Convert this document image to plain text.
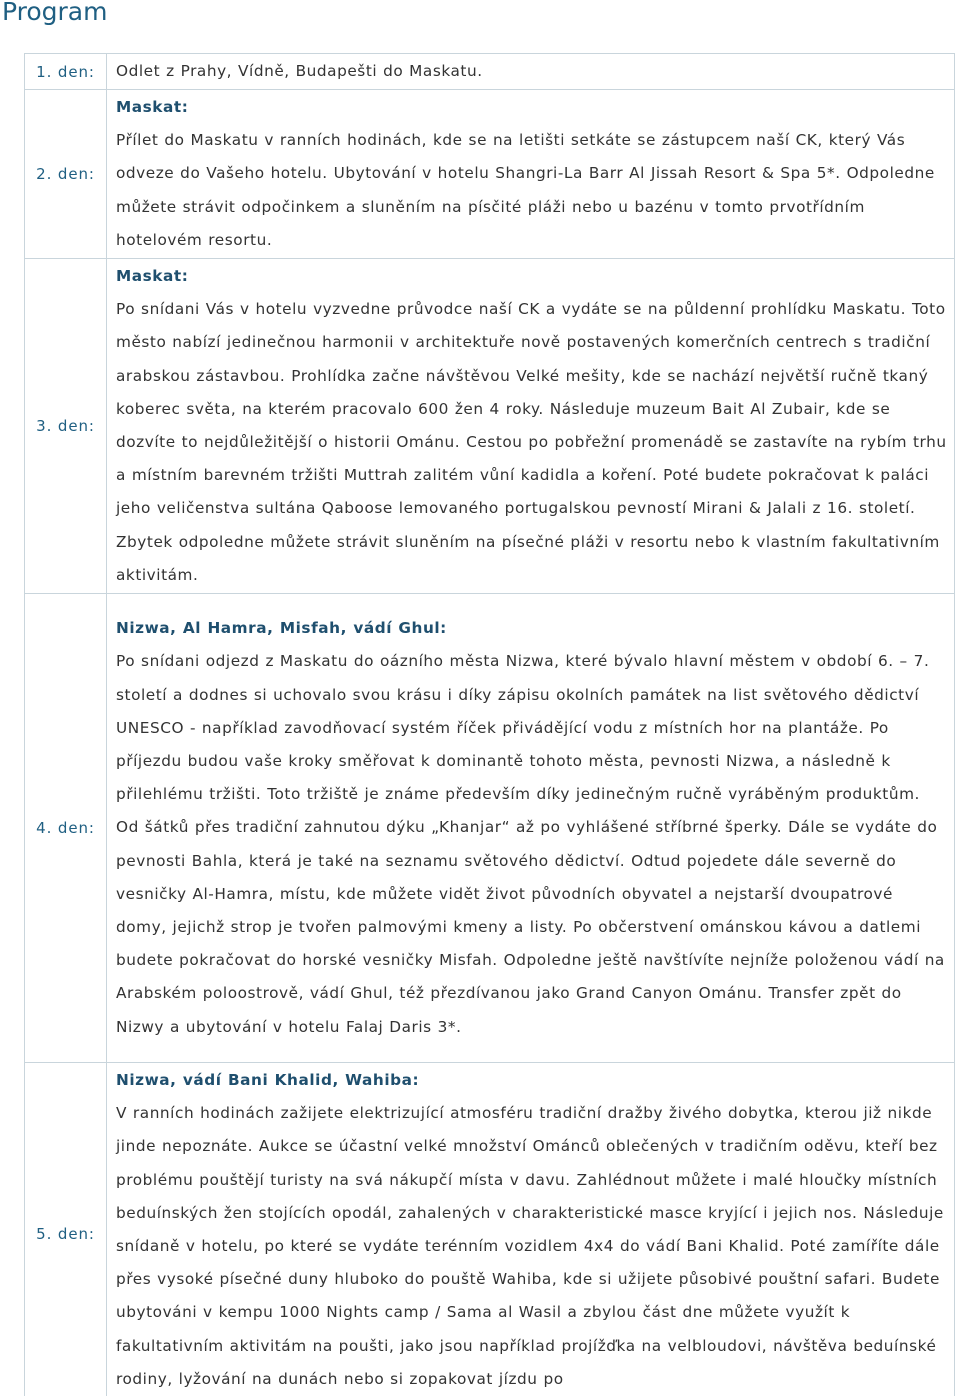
Program
1. den:	Odlet z Prahy, Vídně, Budapešti do Maskatu.

2. den:	Maskat:
Přílet do Maskatu v ranních hodinách, kde se na letišti setkáte se zástupcem naší CK, který Vás odveze do Vašeho hotelu. Ubytování v hotelu Shangri-La Barr Al Jissah Resort & Spa 5*. Odpoledne můžete strávit odpočinkem a sluněním na písčité pláži nebo u bazénu v tomto prvotřídním hotelovém resortu.

3. den:	Maskat:
Po snídani Vás v hotelu vyzvedne průvodce naší CK a vydáte se na půldenní prohlídku Maskatu. Toto město nabízí jedinečnou harmonii v architektuře nově postavených komerčních centrech s tradiční arabskou zástavbou. Prohlídka začne návštěvou Velké mešity, kde se nachází největší ručně tkaný koberec světa, na kterém pracovalo 600 žen 4 roky. Následuje muzeum Bait Al Zubair, kde se dozvíte to nejdůležitější o historii Ománu. Cestou po pobřežní promenádě se zastavíte na rybím trhu a místním barevném tržišti Muttrah zalitém vůní kadidla a koření. Poté budete pokračovat k paláci jeho veličenstva sultána Qaboose lemovaného portugalskou pevností Mirani & Jalali z 16. století. Zbytek odpoledne můžete strávit sluněním na písečné pláži v resortu nebo k vlastním fakultativním aktivitám.

4. den:	Nizwa, Al Hamra, Misfah, vádí Ghul:
Po snídani odjezd z Maskatu do oázního města Nizwa, které bývalo hlavní městem v období 6. – 7. století a dodnes si uchovalo svou krásu i díky zápisu okolních památek na list světového dědictví UNESCO - například zavodňovací systém říček přivádějící vodu z místních hor na plantáže. Po příjezdu budou vaše kroky směřovat k dominantě tohoto města, pevnosti Nizwa, a následně k přilehlému tržišti. Toto tržiště je známe především díky jedinečným ručně vyráběným produktům. Od šátků přes tradiční zahnutou dýku „Khanjar“ až po vyhlášené stříbrné šperky. Dále se vydáte do pevnosti Bahla, která je také na seznamu světového dědictví. Odtud pojedete dále severně do vesničky Al-Hamra, místu, kde můžete vidět život původních obyvatel a nejstarší dvoupatrové domy, jejichž strop je tvořen palmovými kmeny a listy. Po občerstvení ománskou kávou a datlemi budete pokračovat do horské vesničky Misfah. Odpoledne ještě navštívíte nejníže položenou vádí na Arabském poloostrově, vádí Ghul, též přezdívanou jako Grand Canyon Ománu. Transfer zpět do Nizwy a ubytování v hotelu Falaj Daris 3*.

5. den:	Nizwa, vádí Bani Khalid, Wahiba:
V ranních hodinách zažijete elektrizující atmosféru tradiční dražby živého dobytka, kterou již nikde jinde nepoznáte. Aukce se účastní velké množství Ománců oblečených v tradičním oděvu, kteří bez problému pouštějí turisty na svá nákupčí místa v davu. Zahlédnout můžete i malé hloučky místních beduínských žen stojících opodál, zahalených v charakteristické masce kryjící i jejich nos. Následuje snídaně v hotelu, po které se vydáte terénním vozidlem 4x4 do vádí Bani Khalid. Poté zamíříte dále přes vysoké písečné duny hluboko do pouště Wahiba, kde si užijete působivé pouštní safari. Budete ubytováni v kempu 1000 Nights camp / Sama al Wasil a zbylou část dne můžete využít k fakultativním aktivitám na poušti, jako jsou například projížďka na velbloudovi, návštěva beduínské rodiny, lyžování na dunách nebo si zopakovat jízdu po
